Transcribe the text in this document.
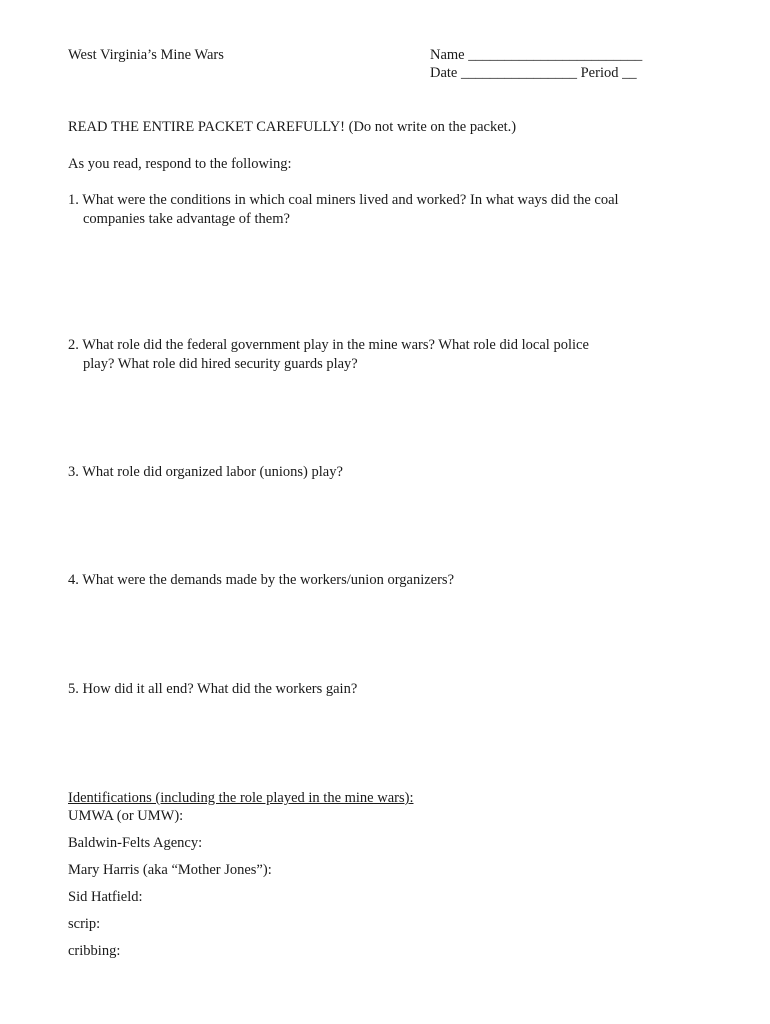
West Virginia’s Mine Wars	Name ________________________
Date ________________ Period __
READ THE ENTIRE PACKET CAREFULLY! (Do not write on the packet.)
As you read, respond to the following:
1. What were the conditions in which coal miners lived and worked? In what ways did the coal
companies take advantage of them?
2. What role did the federal government play in the mine wars? What role did local police
play? What role did hired security guards play?
3. What role did organized labor (unions) play?
4. What were the demands made by the workers/union organizers?
5. How did it all end? What did the workers gain?
Identifications (including the role played in the mine wars):
UMWA (or UMW):
Baldwin-Felts Agency:
Mary Harris (aka “Mother Jones”):
Sid Hatfield:
scrip:
cribbing:
